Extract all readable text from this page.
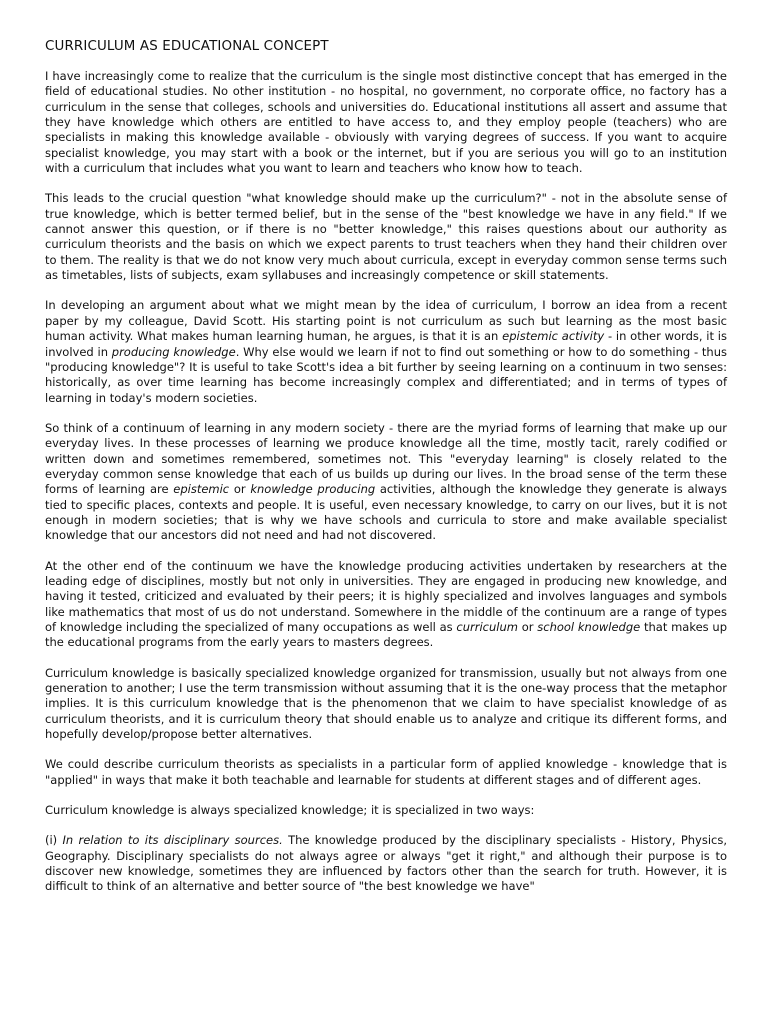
CURRICULUM AS EDUCATIONAL CONCEPT

I have increasingly come to realize that the curriculum is the single most distinctive concept that has emerged in the field of educational studies. No other institution - no hospital, no government, no corporate office, no factory has a curriculum in the sense that colleges, schools and universities do. Educational institutions all assert and assume that they have knowledge which others are entitled to have access to, and they employ people (teachers) who are specialists in making this knowledge available - obviously with varying degrees of success. If you want to acquire specialist knowledge, you may start with a book or the internet, but if you are serious you will go to an institution with a curriculum that includes what you want to learn and teachers who know how to teach.

This leads to the crucial question "what knowledge should make up the curriculum?" - not in the absolute sense of true knowledge, which is better termed belief, but in the sense of the "best knowledge we have in any field." If we cannot answer this question, or if there is no "better knowledge," this raises questions about our authority as curriculum theorists and the basis on which we expect parents to trust teachers when they hand their children over to them. The reality is that we do not know very much about curricula, except in everyday common sense terms such as timetables, lists of subjects, exam syllabuses and increasingly competence or skill statements.

In developing an argument about what we might mean by the idea of curriculum, I borrow an idea from a recent paper by my colleague, David Scott. His starting point is not curriculum as such but learning as the most basic human activity. What makes human learning human, he argues, is that it is an epistemic activity - in other words, it is involved in producing knowledge. Why else would we learn if not to find out something or how to do something - thus "producing knowledge"? It is useful to take Scott's idea a bit further by seeing learning on a continuum in two senses: historically, as over time learning has become increasingly complex and differentiated; and in terms of types of learning in today's modern societies.

So think of a continuum of learning in any modern society - there are the myriad forms of learning that make up our everyday lives. In these processes of learning we produce knowledge all the time, mostly tacit, rarely codified or written down and sometimes remembered, sometimes not. This "everyday learning" is closely related to the everyday common sense knowledge that each of us builds up during our lives. In the broad sense of the term these forms of learning are epistemic or knowledge producing activities, although the knowledge they generate is always tied to specific places, contexts and people. It is useful, even necessary knowledge, to carry on our lives, but it is not enough in modern societies; that is why we have schools and curricula to store and make available specialist knowledge that our ancestors did not need and had not discovered.

At the other end of the continuum we have the knowledge producing activities undertaken by researchers at the leading edge of disciplines, mostly but not only in universities. They are engaged in producing new knowledge, and having it tested, criticized and evaluated by their peers; it is highly specialized and involves languages and symbols like mathematics that most of us do not understand. Somewhere in the middle of the continuum are a range of types of knowledge including the specialized of many occupations as well as curriculum or school knowledge that makes up the educational programs from the early years to masters degrees.

Curriculum knowledge is basically specialized knowledge organized for transmission, usually but not always from one generation to another; I use the term transmission without assuming that it is the one-way process that the metaphor implies. It is this curriculum knowledge that is the phenomenon that we claim to have specialist knowledge of as curriculum theorists, and it is curriculum theory that should enable us to analyze and critique its different forms, and hopefully develop/propose better alternatives.

We could describe curriculum theorists as specialists in a particular form of applied knowledge - knowledge that is "applied" in ways that make it both teachable and learnable for students at different stages and of different ages.

Curriculum knowledge is always specialized knowledge; it is specialized in two ways:

(i) In relation to its disciplinary sources. The knowledge produced by the disciplinary specialists - History, Physics, Geography. Disciplinary specialists do not always agree or always "get it right," and although their purpose is to discover new knowledge, sometimes they are influenced by factors other than the search for truth. However, it is difficult to think of an alternative and better source of "the best knowledge we have"
